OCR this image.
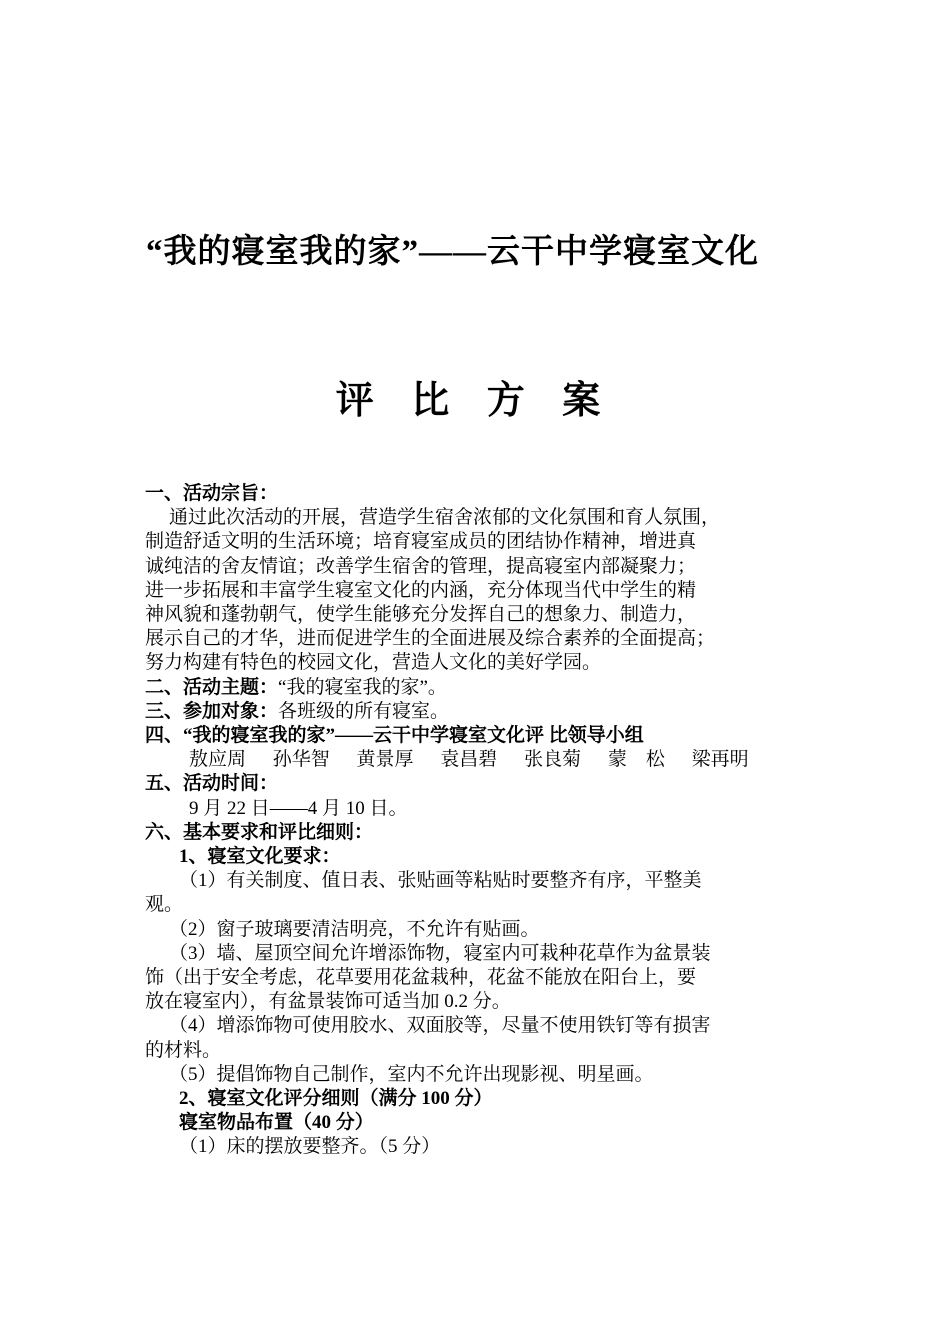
“我的寝室我的家”——云干中学寝室文化
评 比 方 案
一、活动宗旨：
通过此次活动的开展，营造学生宿舍浓郁的文化氛围和育人氛围，
制造舒适文明的生活环境；培育寝室成员的团结协作精神，增进真
诚纯洁的舍友情谊；改善学生宿舍的管理，提高寝室内部凝聚力；
进一步拓展和丰富学生寝室文化的内涵，充分体现当代中学生的精
神风貌和蓬勃朝气，使学生能够充分发挥自己的想象力、制造力，
展示自己的才华，进而促进学生的全面进展及综合素养的全面提高；
努力构建有特色的校园文化，营造人文化的美好学园。
二、活动主题：“我的寝室我的家”。
三、参加对象：各班级的所有寝室。
四、“我的寝室我的家”——云干中学寝室文化评 比领导小组
敖应周 孙华智 黄景厚 袁昌碧 张良菊 蒙　松 梁再明
五、活动时间：
9 月 22 日——4 月 10 日。
六、基本要求和评比细则：
1、寝室文化要求：
（1）有关制度、值日表、张贴画等粘贴时要整齐有序，平整美
观。
（2）窗子玻璃要清洁明亮，不允许有贴画。
（3）墙、屋顶空间允许增添饰物，寝室内可栽种花草作为盆景装
饰（出于安全考虑，花草要用花盆栽种，花盆不能放在阳台上，要
放在寝室内），有盆景装饰可适当加 0.2 分。
（4）增添饰物可使用胶水、双面胶等，尽量不使用铁钉等有损害
的材料。
（5）提倡饰物自己制作，室内不允许出现影视、明星画。
2、寝室文化评分细则（满分 100 分）
寝室物品布置（40 分）
（1）床的摆放要整齐。（5 分）
